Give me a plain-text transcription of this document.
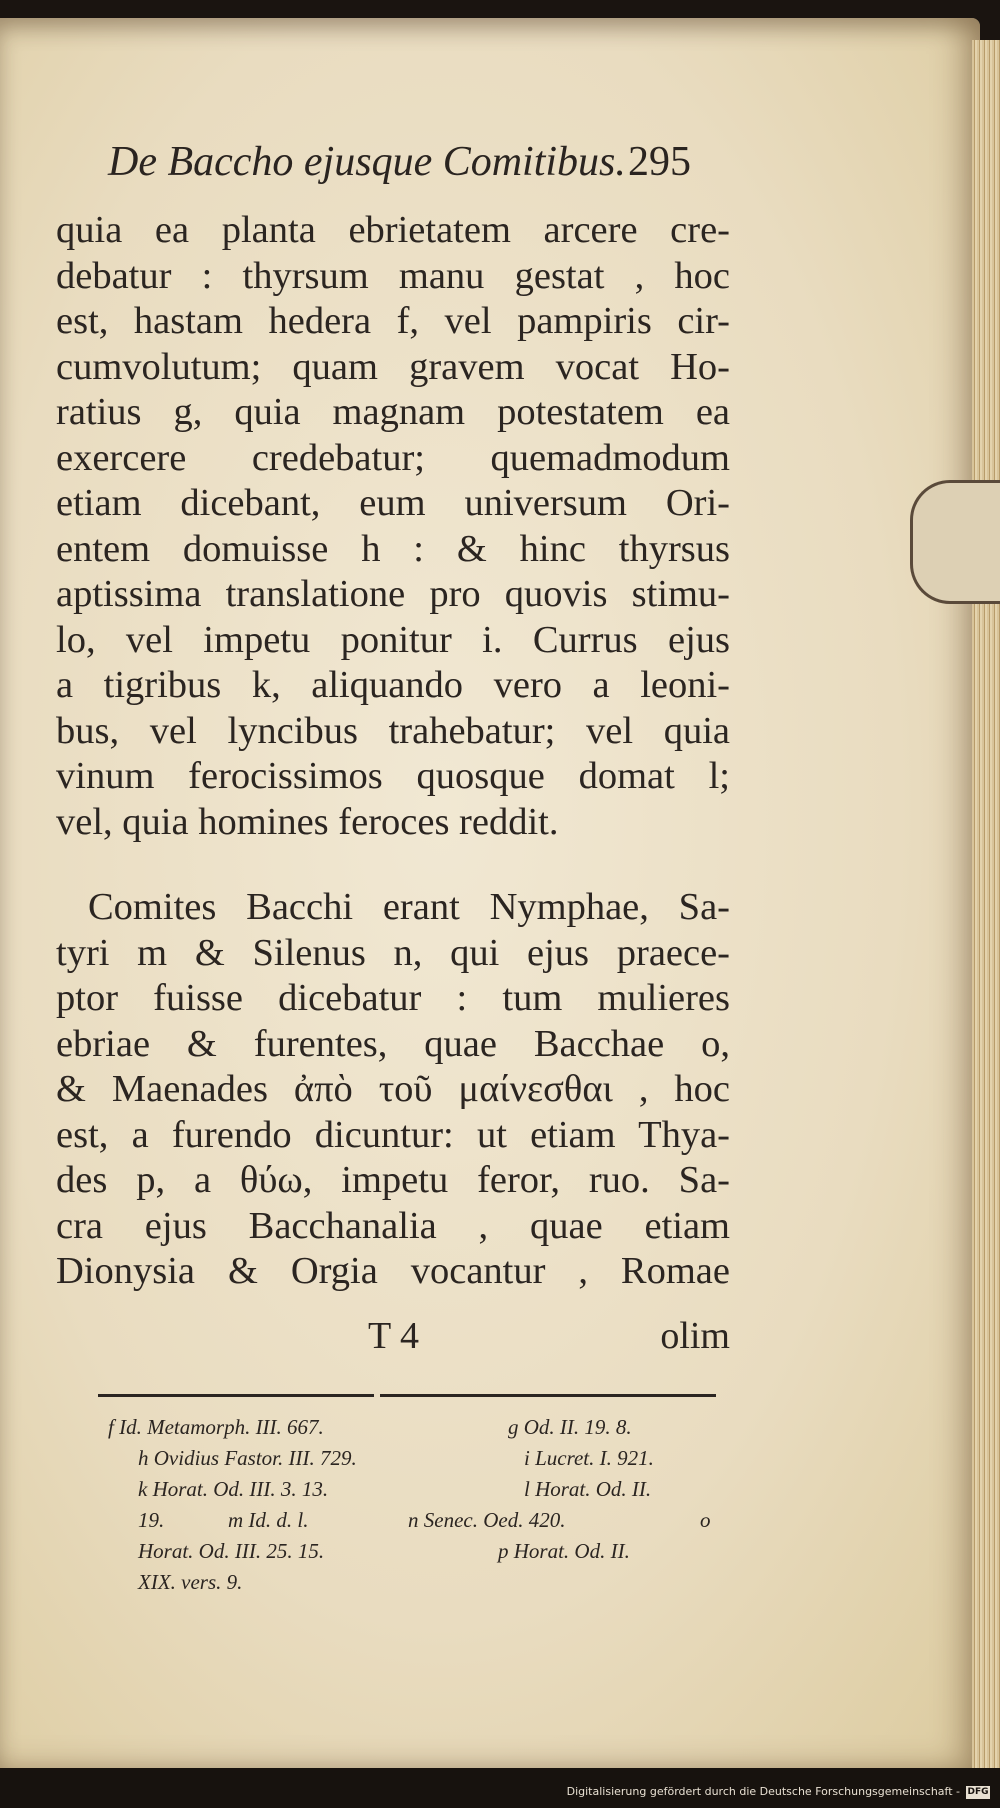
De Baccho ejusque Comitibus. 295
quia ea planta ebrietatem arcere cre-
debatur : thyrsum manu gestat , hoc
est, hastam hedera f, vel pampiris cir-
cumvolutum; quam gravem vocat Ho-
ratius g, quia magnam potestatem ea
exercere credebatur; quemadmodum
etiam dicebant, eum universum Ori-
entem domuisse h : & hinc thyrsus
aptissima translatione pro quovis stimu-
lo, vel impetu ponitur i. Currus ejus
a tigribus k, aliquando vero a leoni-
bus, vel lyncibus trahebatur; vel quia
vinum ferocissimos quosque domat l;
vel, quia homines feroces reddit.
Comites Bacchi erant Nymphae, Sa-
tyri m & Silenus n, qui ejus praece-
ptor fuisse dicebatur : tum mulieres
ebriae & furentes, quae Bacchae o,
& Maenades ἀπὸ τοῦ μαίνεσθαι , hoc
est, a furendo dicuntur: ut etiam Thya-
des p, a θύω, impetu feror, ruo. Sa-
cra ejus Bacchanalia , quae etiam
Dionysia & Orgia vocantur , Romae
T 4	olim
f Id. Metamorph. III. 667.	g Od. II. 19. 8.
h Ovidius Fastor. III. 729.	i Lucret. I. 921.
k Horat. Od. III. 3. 13.	l Horat. Od. II.
19.	m Id. d. l.	n Senec. Oed. 420.	o
Horat. Od. III. 25. 15.	p Horat. Od. II.
XIX. vers. 9.
Digitalisierung gefördert durch die Deutsche Forschungsgemeinschaft - DFG
